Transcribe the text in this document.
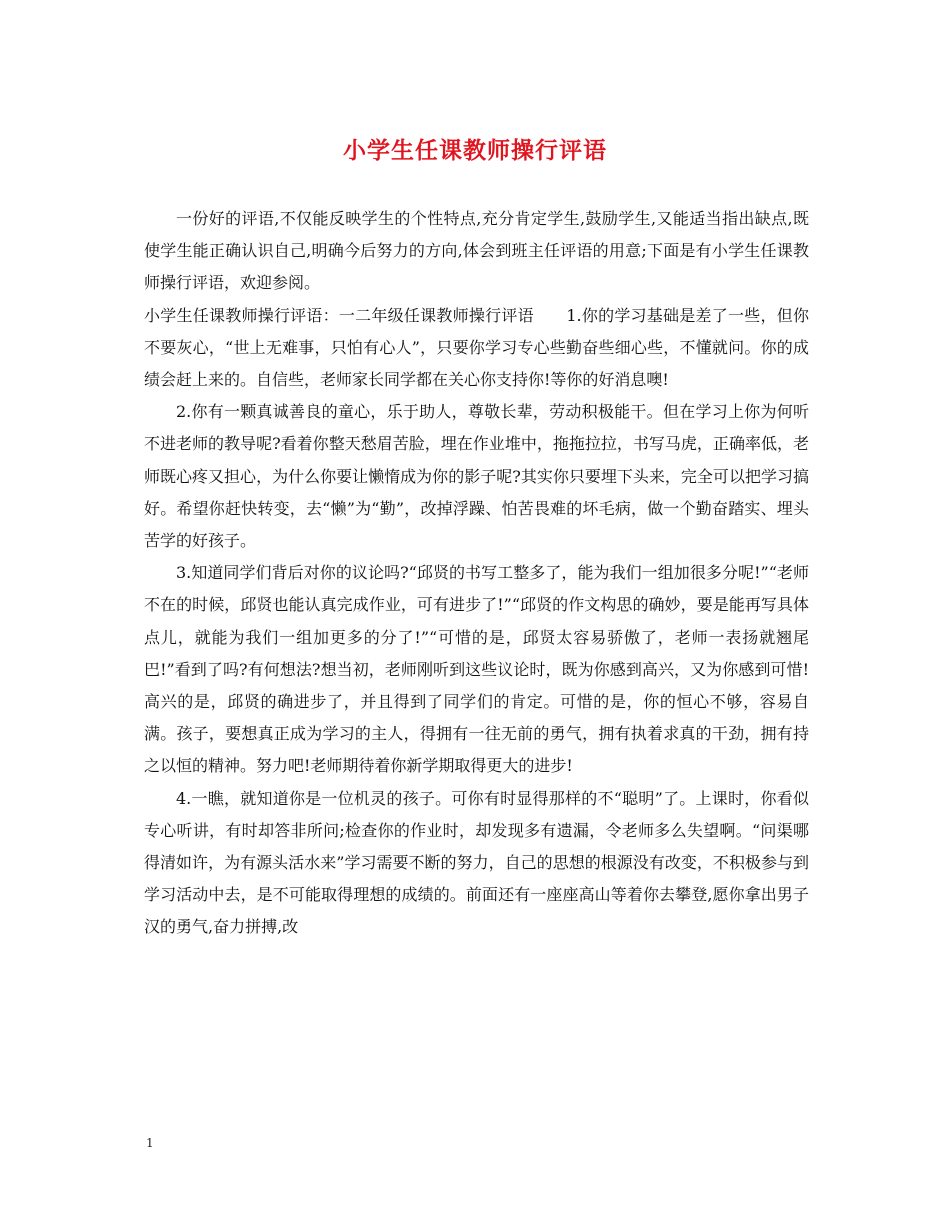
小学生任课教师操行评语

一份好的评语,不仅能反映学生的个性特点,充分肯定学生,鼓励学生,又能适当指出缺点,既使学生能正确认识自己,明确今后努力的方向,体会到班主任评语的用意;下面是有小学生任课教师操行评语，欢迎参阅。

小学生任课教师操行评语：一二年级任课教师操行评语　　1.你的学习基础是差了一些，但你不要灰心，“世上无难事，只怕有心人”，只要你学习专心些勤奋些细心些，不懂就问。你的成绩会赶上来的。自信些，老师家长同学都在关心你支持你!等你的好消息噢!

2.你有一颗真诚善良的童心，乐于助人，尊敬长辈，劳动积极能干。但在学习上你为何听不进老师的教导呢?看着你整天愁眉苦脸，埋在作业堆中，拖拖拉拉，书写马虎，正确率低，老师既心疼又担心，为什么你要让懒惰成为你的影子呢?其实你只要埋下头来，完全可以把学习搞好。希望你赶快转变，去“懒”为“勤”，改掉浮躁、怕苦畏难的坏毛病，做一个勤奋踏实、埋头苦学的好孩子。

3.知道同学们背后对你的议论吗?“邱贤的书写工整多了，能为我们一组加很多分呢!”“老师不在的时候，邱贤也能认真完成作业，可有进步了!”“邱贤的作文构思的确妙，要是能再写具体点儿，就能为我们一组加更多的分了!”“可惜的是，邱贤太容易骄傲了，老师一表扬就翘尾巴!”看到了吗?有何想法?想当初，老师刚听到这些议论时，既为你感到高兴，又为你感到可惜!高兴的是，邱贤的确进步了，并且得到了同学们的肯定。可惜的是，你的恒心不够，容易自满。孩子，要想真正成为学习的主人，得拥有一往无前的勇气，拥有执着求真的干劲，拥有持之以恒的精神。努力吧!老师期待着你新学期取得更大的进步!

4.一瞧，就知道你是一位机灵的孩子。可你有时显得那样的不“聪明”了。上课时，你看似专心听讲，有时却答非所问;检查你的作业时，却发现多有遗漏，令老师多么失望啊。“问渠哪得清如许，为有源头活水来”学习需要不断的努力，自己的思想的根源没有改变，不积极参与到学习活动中去，是不可能取得理想的成绩的。前面还有一座座高山等着你去攀登,愿你拿出男子汉的勇气,奋力拼搏,改

1
